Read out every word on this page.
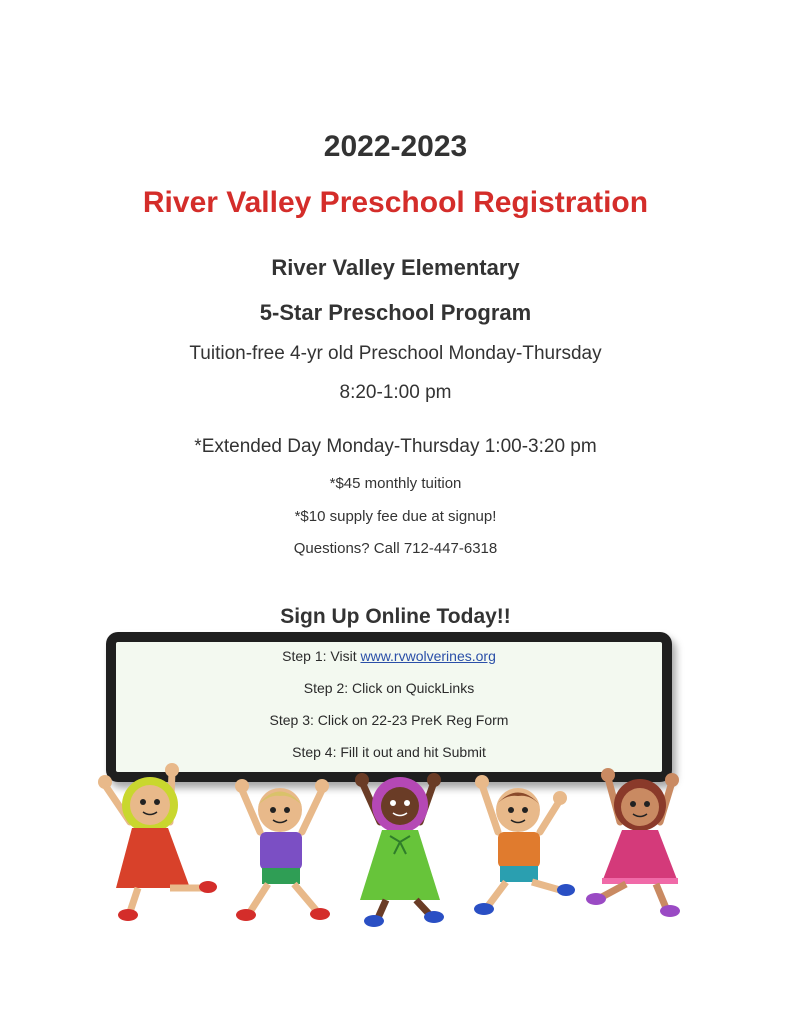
2022-2023
River Valley Preschool Registration
River Valley Elementary
5-Star Preschool Program
Tuition-free 4-yr old Preschool Monday-Thursday
8:20-1:00 pm
*Extended Day Monday-Thursday 1:00-3:20 pm
*$45 monthly tuition
*$10 supply fee due at signup!
Questions? Call 712-447-6318
Sign Up Online Today!!
Step 1: Visit www.rvwolverines.org
Step 2: Click on QuickLinks
Step 3: Click on 22-23 PreK Reg Form
Step 4: Fill it out and hit Submit
